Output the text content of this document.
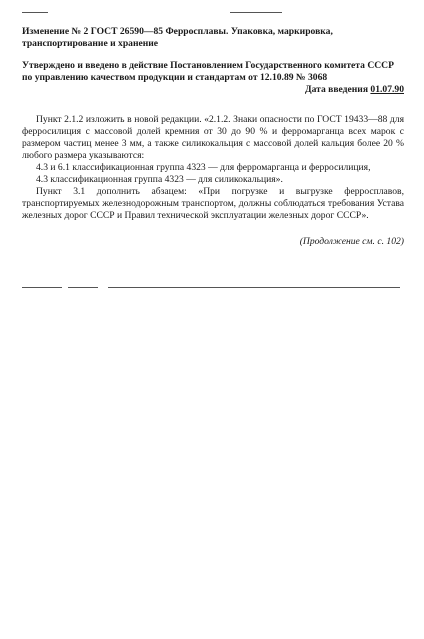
Изменение № 2 ГОСТ 26590—85 Ферросплавы. Упаковка, маркировка, транспортирование и хранение

Утверждено и введено в действие Постановлением Государственного комитета СССР по управлению качеством продукции и стандартам от 12.10.89 № 3068

Дата введения 01.07.90

Пункт 2.1.2 изложить в новой редакции. «2.1.2. Знаки опасности по ГОСТ 19433—88 для ферросилиция с массовой долей кремния от 30 до 90 % и ферромарганца всех марок с размером частиц менее 3 мм, а также силикокальция с массовой долей кальция более 20 % любого размера указываются:

4.3 и 6.1 классификационная группа 4323 — для ферромарганца и ферросилиция,

4.3 классификационная группа 4323 — для силикокальция».

Пункт 3.1 дополнить абзацем: «При погрузке и выгрузке ферросплавов, транспортируемых железнодорожным транспортом, должны соблюдаться требования Устава железных дорог СССР и Правил технической эксплуатации железных дорог СССР».

(Продолжение см. с. 102)
